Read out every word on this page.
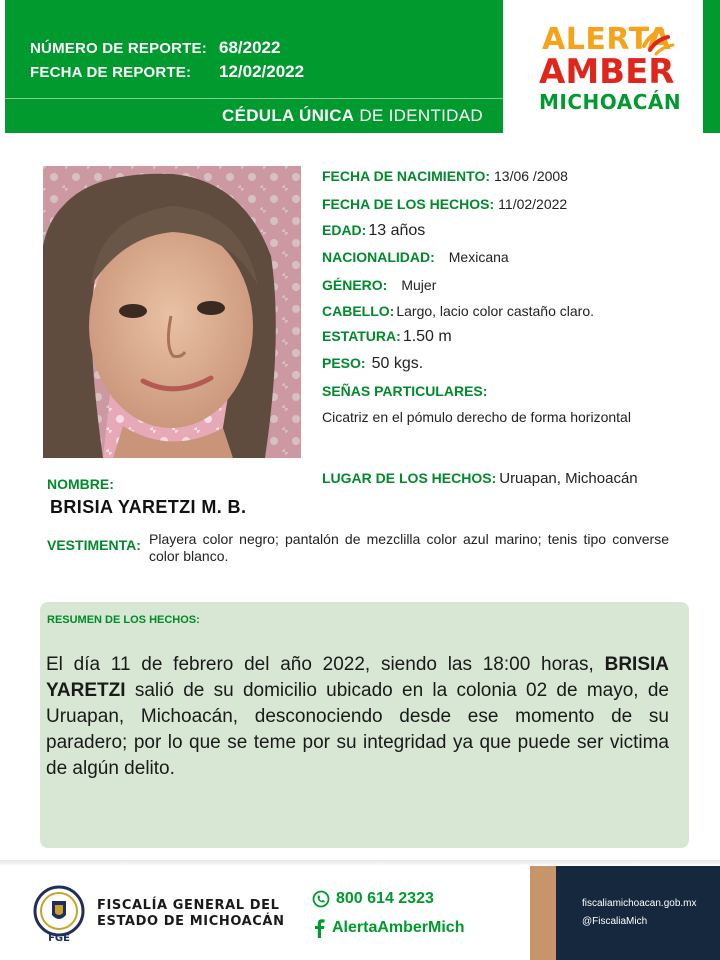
NÚMERO DE REPORTE: 68/2022
FECHA DE REPORTE:	12/02/2022
CÉDULA ÚNICA DE IDENTIDAD
ALERTA
AMBER
MICHOACÁN
FECHA DE NACIMIENTO: 13/06 /2008
FECHA DE LOS HECHOS: 11/02/2022
EDAD: 13 años
NACIONALIDAD: Mexicana
GÉNERO: Mujer
CABELLO: Largo, lacio color castaño claro.
ESTATURA: 1.50 m
PESO: 50 kgs.
SEÑAS PARTICULARES:
Cicatriz en el pómulo derecho de forma horizontal
NOMBRE:
BRISIA YARETZI M. B.
LUGAR DE LOS HECHOS: Uruapan, Michoacán
VESTIMENTA: Playera color negro; pantalón de mezclilla color azul marino; tenis tipo converse color blanco.
RESUMEN DE LOS HECHOS:
El día 11 de febrero del año 2022, siendo las 18:00 horas, BRISIA YARETZI salió de su domicilio ubicado en la colonia 02 de mayo, de Uruapan, Michoacán, desconociendo desde ese momento de su paradero; por lo que se teme por su integridad ya que puede ser victima de algún delito.
FGE
FISCALÍA GENERAL DEL
ESTADO DE MICHOACÁN
800 614 2323
AlertaAmberMich
fiscaliamichoacan.gob.mx
@FiscaliaMich
